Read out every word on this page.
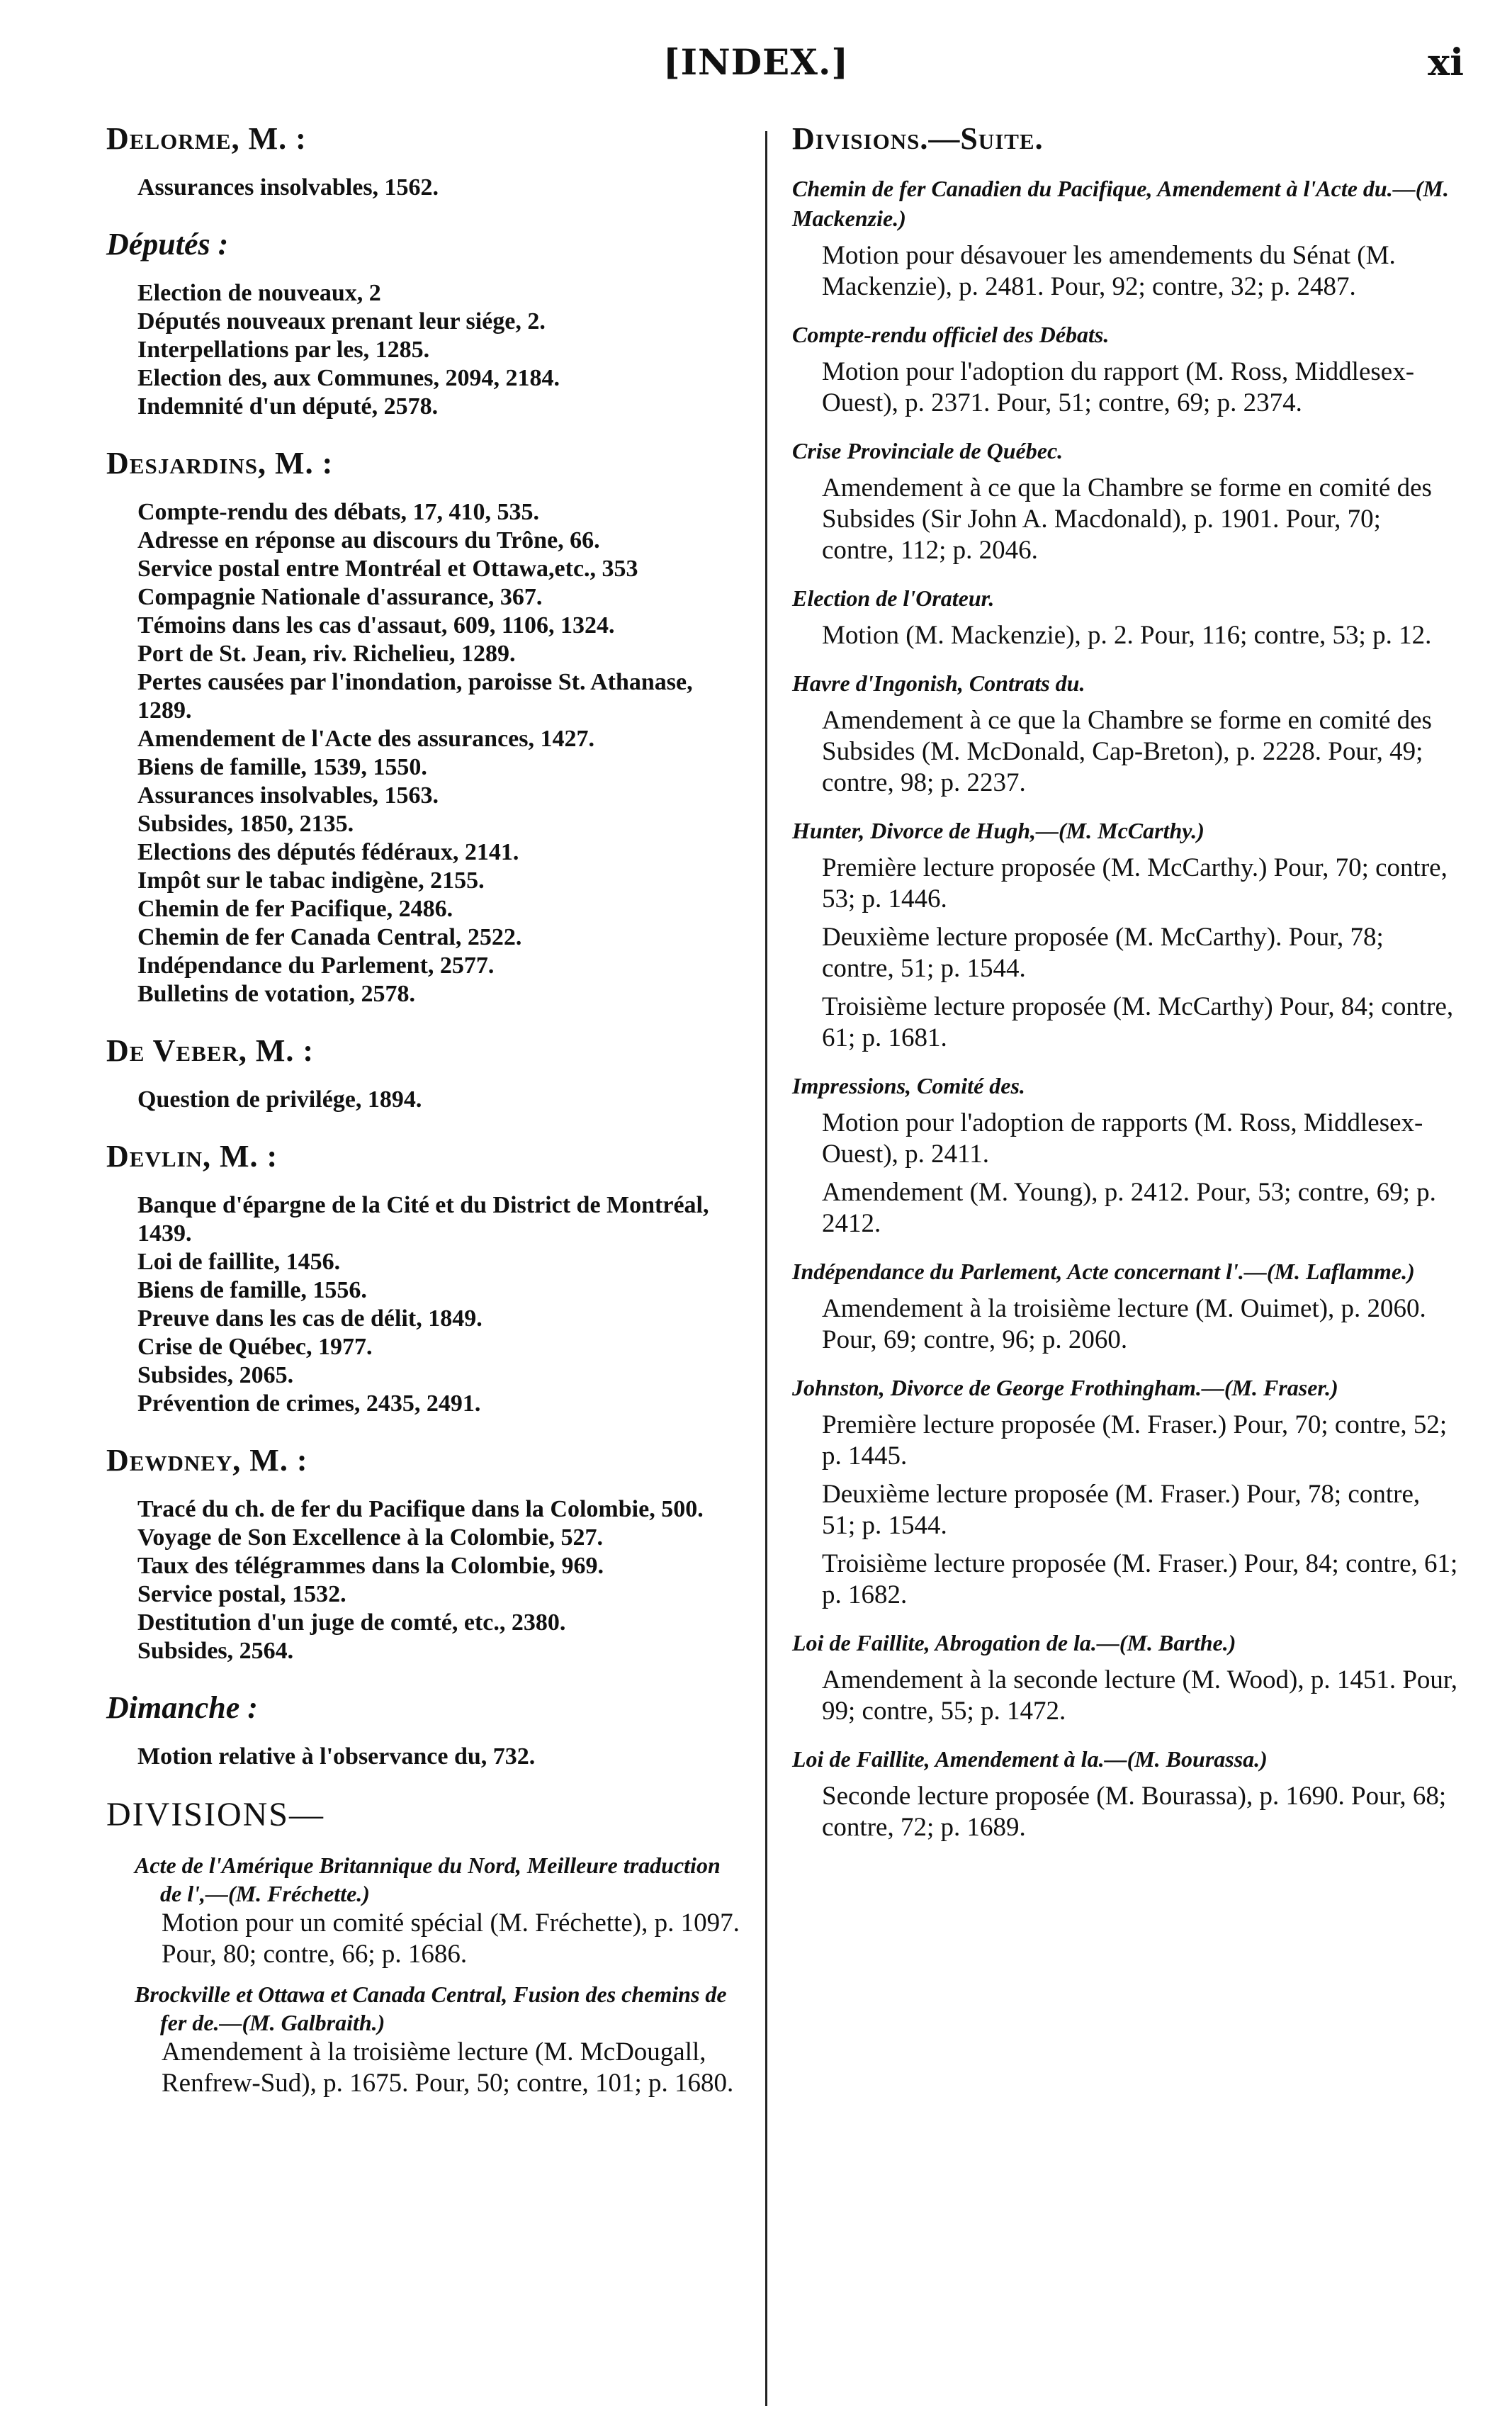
[INDEX.]	xi
Delorme, M. :
Assurances insolvables, 1562.
Députés :
Election de nouveaux, 2
Députés nouveaux prenant leur siége, 2.
Interpellations par les, 1285.
Election des, aux Communes, 2094, 2184.
Indemnité d'un député, 2578.
Desjardins, M. :
Compte-rendu des débats, 17, 410, 535.
Adresse en réponse au discours du Trône, 66.
Service postal entre Montréal et Ottawa,etc., 353
Compagnie Nationale d'assurance, 367.
Témoins dans les cas d'assaut, 609, 1106, 1324.
Port de St. Jean, riv. Richelieu, 1289.
Pertes causées par l'inondation, paroisse St. Athanase, 1289.
Amendement de l'Acte des assurances, 1427.
Biens de famille, 1539, 1550.
Assurances insolvables, 1563.
Subsides, 1850, 2135.
Elections des députés fédéraux, 2141.
Impôt sur le tabac indigène, 2155.
Chemin de fer Pacifique, 2486.
Chemin de fer Canada Central, 2522.
Indépendance du Parlement, 2577.
Bulletins de votation, 2578.
De Veber, M. :
Question de privilége, 1894.
Devlin, M. :
Banque d'épargne de la Cité et du District de Montréal, 1439.
Loi de faillite, 1456.
Biens de famille, 1556.
Preuve dans les cas de délit, 1849.
Crise de Québec, 1977.
Subsides, 2065.
Prévention de crimes, 2435, 2491.
Dewdney, M. :
Tracé du ch. de fer du Pacifique dans la Colombie, 500.
Voyage de Son Excellence à la Colombie, 527.
Taux des télégrammes dans la Colombie, 969.
Service postal, 1532.
Destitution d'un juge de comté, etc., 2380.
Subsides, 2564.
Dimanche :
Motion relative à l'observance du, 732.
DIVISIONS—
Acte de l'Amérique Britannique du Nord, Meilleure traduction de l',—(M. Fréchette.)
Motion pour un comité spécial (M. Fréchette), p. 1097. Pour, 80; contre, 66; p. 1686.
Brockville et Ottawa et Canada Central, Fusion des chemins de fer de.—(M. Galbraith.)
Amendement à la troisième lecture (M. McDougall, Renfrew-Sud), p. 1675. Pour, 50; contre, 101; p. 1680.
Divisions.—Suite.
Chemin de fer Canadien du Pacifique, Amendement à l'Acte du.—(M. Mackenzie.)
Motion pour désavouer les amendements du Sénat (M. Mackenzie), p. 2481. Pour, 92; contre, 32; p. 2487.
Compte-rendu officiel des Débats.
Motion pour l'adoption du rapport (M. Ross, Middlesex-Ouest), p. 2371. Pour, 51; contre, 69; p. 2374.
Crise Provinciale de Québec.
Amendement à ce que la Chambre se forme en comité des Subsides (Sir John A. Macdonald), p. 1901. Pour, 70; contre, 112; p. 2046.
Election de l'Orateur.
Motion (M. Mackenzie), p. 2. Pour, 116; contre, 53; p. 12.
Havre d'Ingonish, Contrats du.
Amendement à ce que la Chambre se forme en comité des Subsides (M. McDonald, Cap-Breton), p. 2228. Pour, 49; contre, 98; p. 2237.
Hunter, Divorce de Hugh,—(M. McCarthy.)
Première lecture proposée (M. McCarthy.) Pour, 70; contre, 53; p. 1446.
Deuxième lecture proposée (M. McCarthy). Pour, 78; contre, 51; p. 1544.
Troisième lecture proposée (M. McCarthy) Pour, 84; contre, 61; p. 1681.
Impressions, Comité des.
Motion pour l'adoption de rapports (M. Ross, Middlesex-Ouest), p. 2411.
Amendement (M. Young), p. 2412. Pour, 53; contre, 69; p. 2412.
Indépendance du Parlement, Acte concernant l'.—(M. Laflamme.)
Amendement à la troisième lecture (M. Ouimet), p. 2060. Pour, 69; contre, 96; p. 2060.
Johnston, Divorce de George Frothingham.—(M. Fraser.)
Première lecture proposée (M. Fraser.) Pour, 70; contre, 52; p. 1445.
Deuxième lecture proposée (M. Fraser.) Pour, 78; contre, 51; p. 1544.
Troisième lecture proposée (M. Fraser.) Pour, 84; contre, 61; p. 1682.
Loi de Faillite, Abrogation de la.—(M. Barthe.)
Amendement à la seconde lecture (M. Wood), p. 1451. Pour, 99; contre, 55; p. 1472.
Loi de Faillite, Amendement à la.—(M. Bourassa.)
Seconde lecture proposée (M. Bourassa), p. 1690. Pour, 68; contre, 72; p. 1689.
